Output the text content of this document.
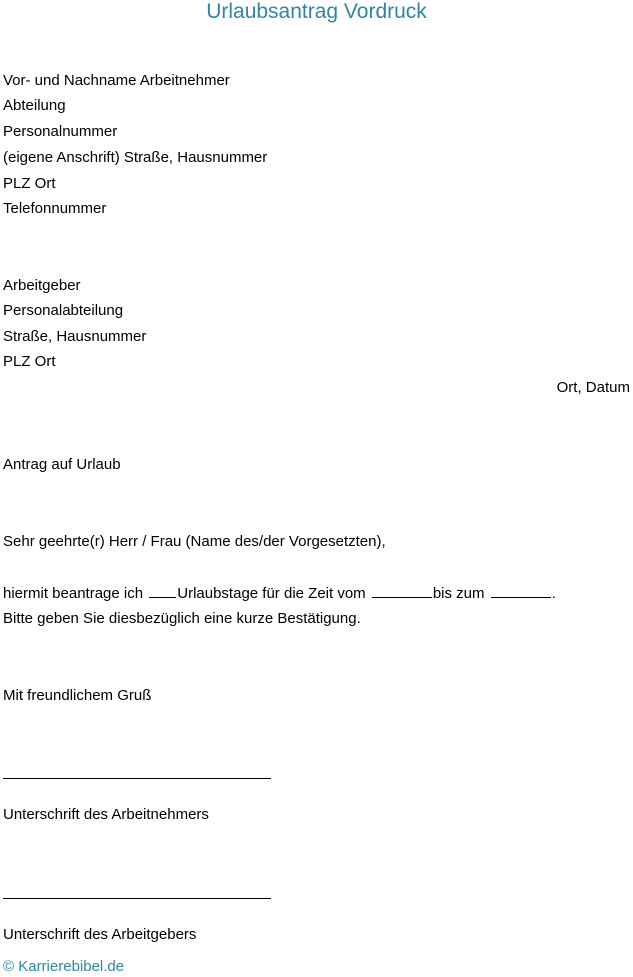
Urlaubsantrag Vordruck
Vor- und Nachname Arbeitnehmer
Abteilung
Personalnummer
(eigene Anschrift) Straße, Hausnummer
PLZ Ort
Telefonnummer
Arbeitgeber
Personalabteilung
Straße, Hausnummer
PLZ Ort
Ort, Datum
Antrag auf Urlaub
Sehr geehrte(r) Herr / Frau (Name des/der Vorgesetzten),
hiermit beantrage ich Urlaubstage für die Zeit vom	bis zum	.
Bitte geben Sie diesbezüglich eine kurze Bestätigung.
Mit freundlichem Gruß
Unterschrift des Arbeitnehmers
Unterschrift des Arbeitgebers
© Karrierebibel.de
